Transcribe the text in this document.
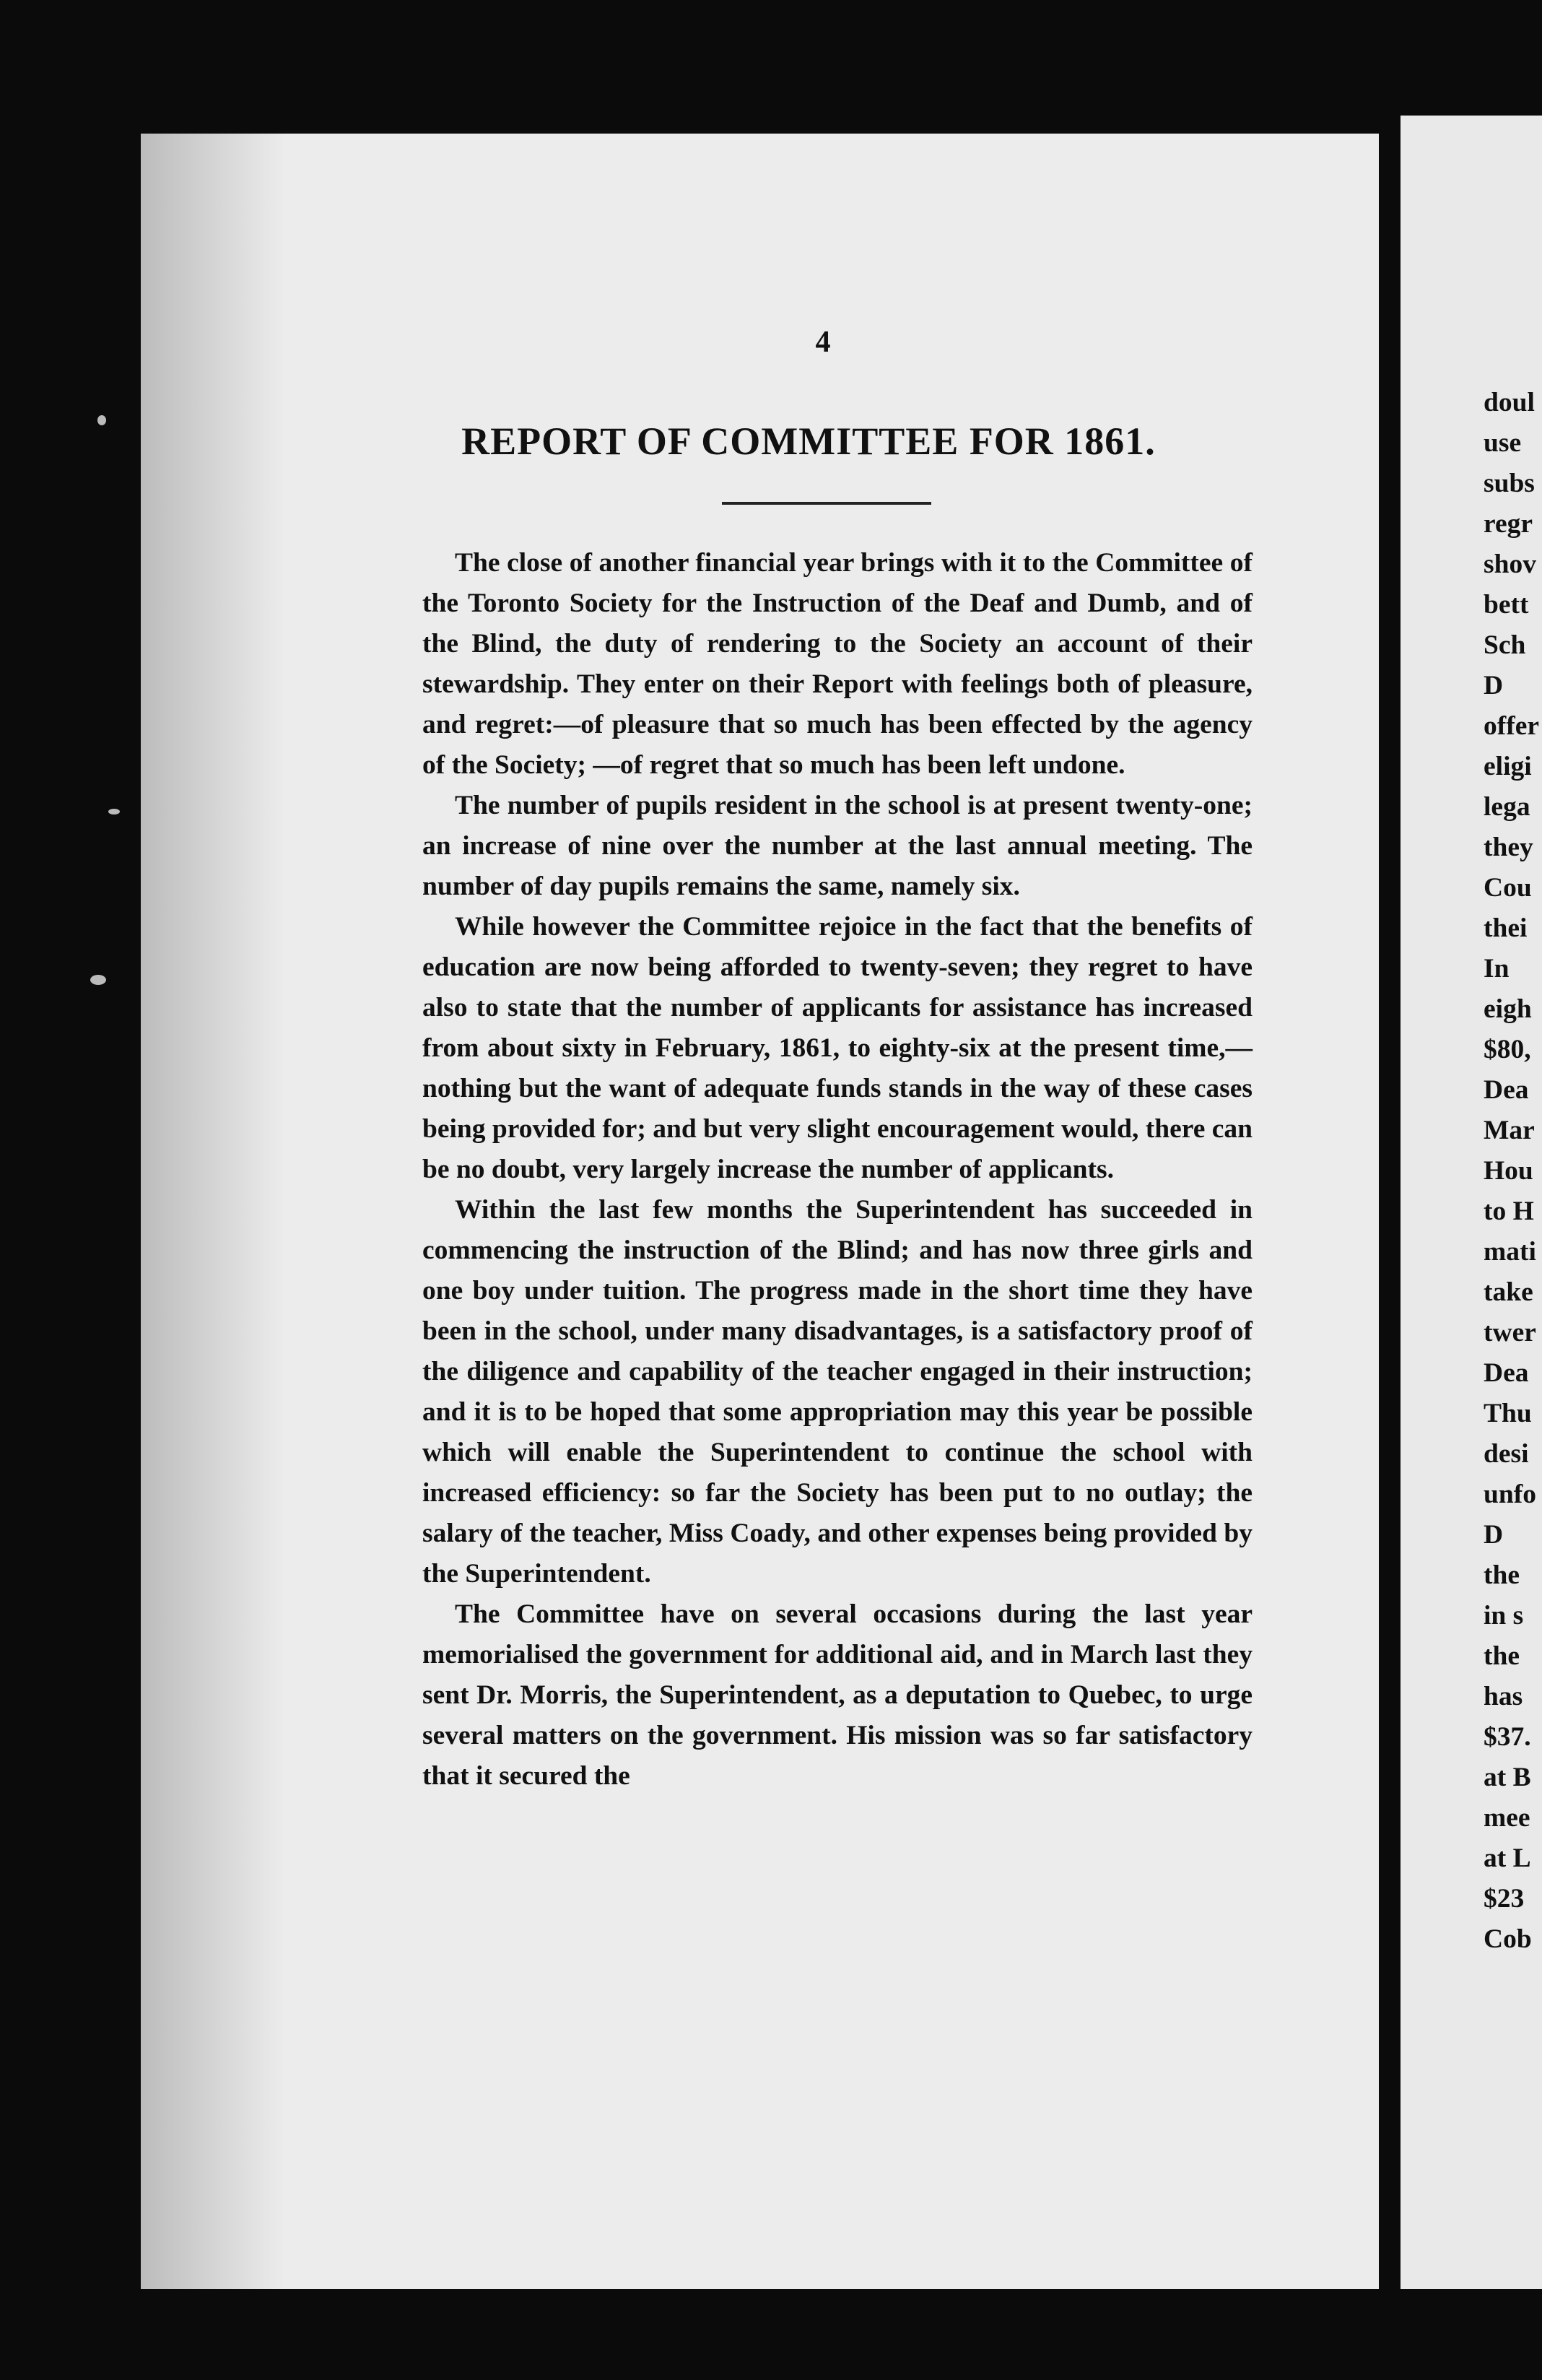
4
REPORT OF COMMITTEE FOR 1861.

The close of another financial year brings with it to the Committee of the Toronto Society for the Instruction of the Deaf and Dumb, and of the Blind, the duty of rendering to the Society an account of their stewardship. They enter on their Report with feelings both of pleasure, and regret:—of pleasure that so much has been effected by the agency of the Society; —of regret that so much has been left undone.

The number of pupils resident in the school is at present twenty-one; an increase of nine over the number at the last annual meeting. The number of day pupils remains the same, namely six.

While however the Committee rejoice in the fact that the benefits of education are now being afforded to twenty-seven; they regret to have also to state that the number of applicants for assistance has increased from about sixty in February, 1861, to eighty-six at the present time,—nothing but the want of adequate funds stands in the way of these cases being provided for; and but very slight encouragement would, there can be no doubt, very largely increase the number of applicants.

Within the last few months the Superintendent has succeeded in commencing the instruction of the Blind; and has now three girls and one boy under tuition. The progress made in the short time they have been in the school, under many disadvantages, is a satisfactory proof of the diligence and capability of the teacher engaged in their instruction; and it is to be hoped that some appropriation may this year be possible which will enable the Superintendent to continue the school with increased efficiency: so far the Society has been put to no outlay; the salary of the teacher, Miss Coady, and other expenses being provided by the Superintendent.

The Committee have on several occasions during the last year memorialised the government for additional aid, and in March last they sent Dr. Morris, the Superintendent, as a deputation to Quebec, to urge several matters on the government. His mission was so far satisfactory that it secured the

doul
use
subs
regr
shov
bett
Sch
D
offer
eligi
lega
they
Cou
thei
In
eigh
$80,
Dea
Mar
Hou
to H
mati
take
twer
Dea
Thu
desi
unfo
D
the
in s
the
has
$37.
at B
mee
at L
$23
Cob
